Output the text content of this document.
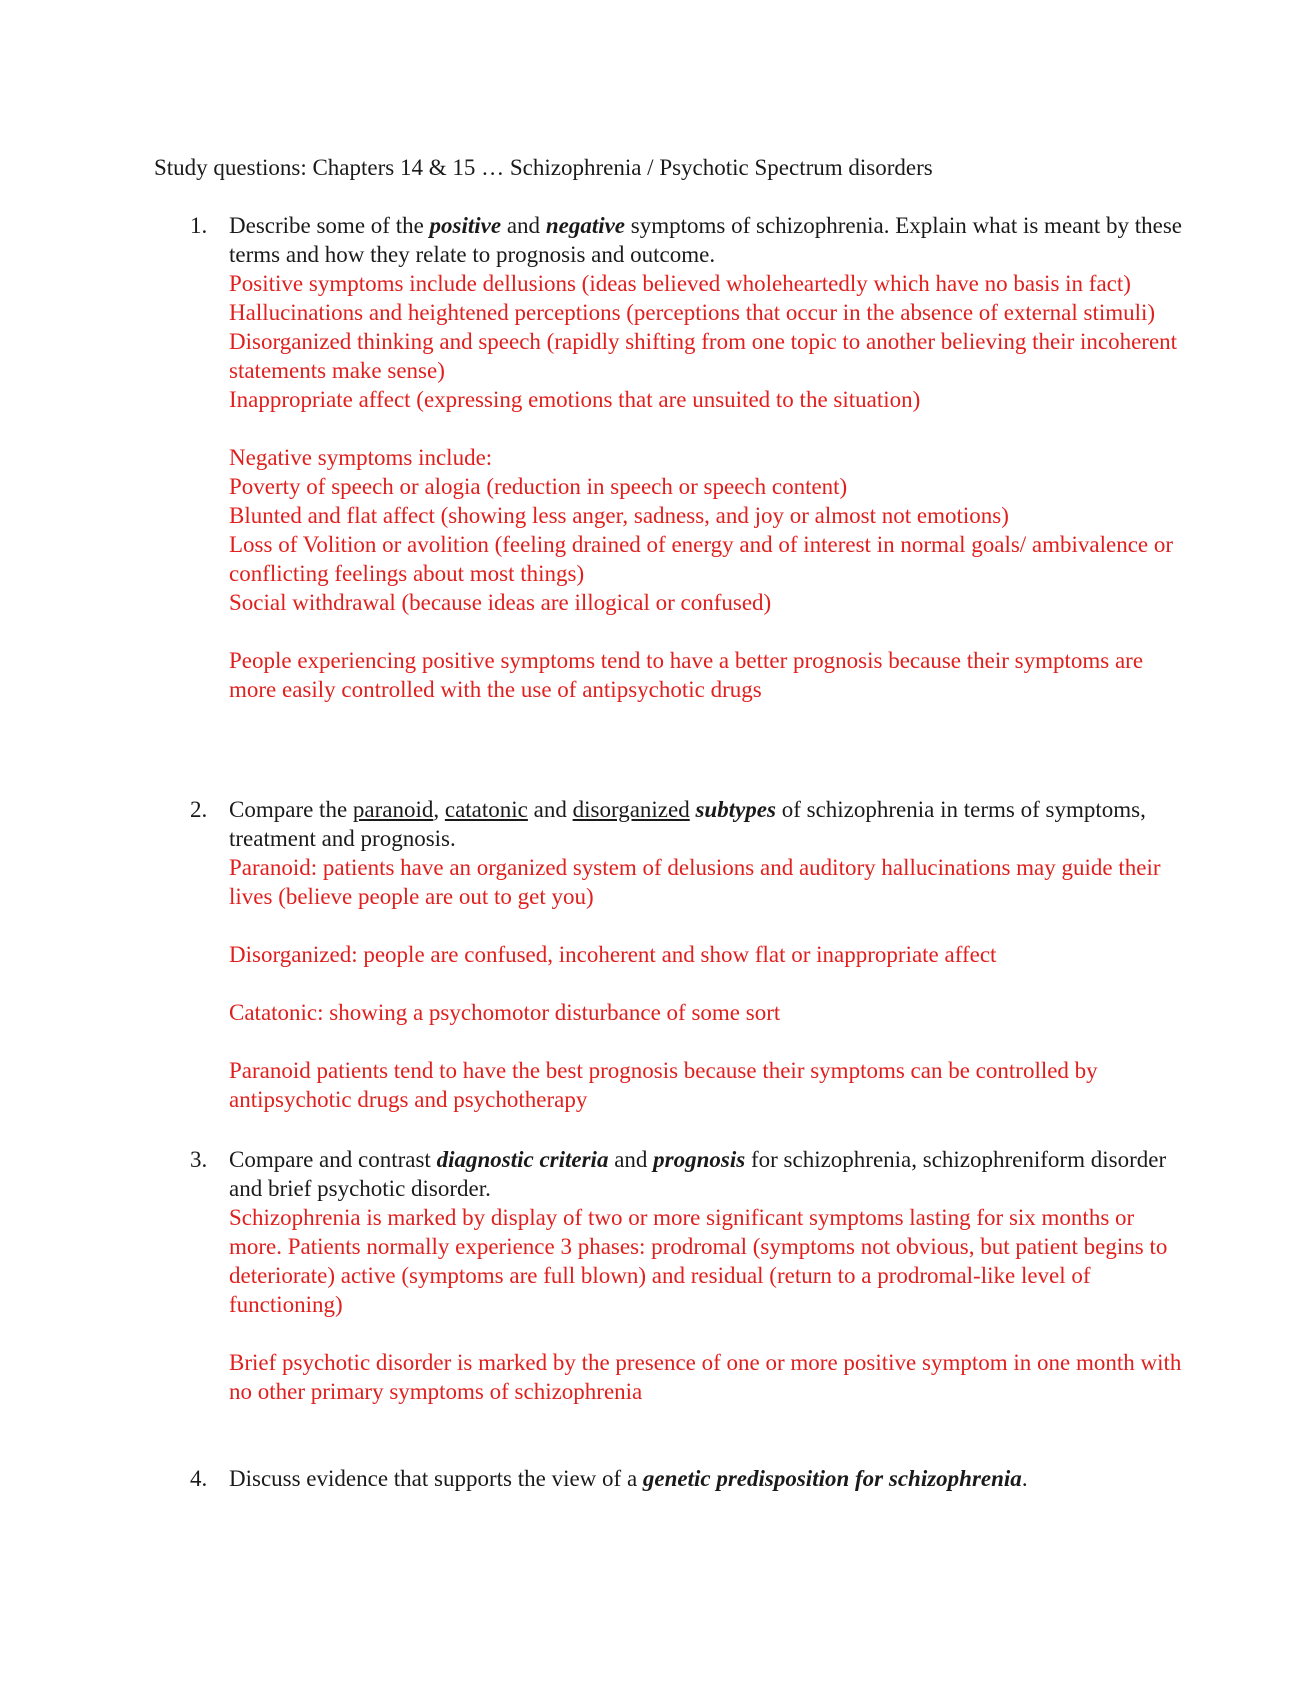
Study questions: Chapters 14 & 15 … Schizophrenia / Psychotic Spectrum disorders
1. Describe some of the positive and negative symptoms of schizophrenia. Explain what is meant by these terms and how they relate to prognosis and outcome.
Positive symptoms include dellusions (ideas believed wholeheartedly which have no basis in fact)
Hallucinations and heightened perceptions (perceptions that occur in the absence of external stimuli)
Disorganized thinking and speech (rapidly shifting from one topic to another believing their incoherent statements make sense)
Inappropriate affect (expressing emotions that are unsuited to the situation)
Negative symptoms include:
Poverty of speech or alogia (reduction in speech or speech content)
Blunted and flat affect (showing less anger, sadness, and joy or almost not emotions)
Loss of Volition or avolition (feeling drained of energy and of interest in normal goals/ ambivalence or conflicting feelings about most things)
Social withdrawal (because ideas are illogical or confused)
People experiencing positive symptoms tend to have a better prognosis because their symptoms are more easily controlled with the use of antipsychotic drugs
2. Compare the paranoid, catatonic and disorganized subtypes of schizophrenia in terms of symptoms, treatment and prognosis.
Paranoid: patients have an organized system of delusions and auditory hallucinations may guide their lives (believe people are out to get you)
Disorganized: people are confused, incoherent and show flat or inappropriate affect
Catatonic: showing a psychomotor disturbance of some sort
Paranoid patients tend to have the best prognosis because their symptoms can be controlled by antipsychotic drugs and psychotherapy
3. Compare and contrast diagnostic criteria and prognosis for schizophrenia, schizophreniform disorder and brief psychotic disorder.
Schizophrenia is marked by display of two or more significant symptoms lasting for six months or more. Patients normally experience 3 phases: prodromal (symptoms not obvious, but patient begins to deteriorate) active (symptoms are full blown) and residual (return to a prodromal-like level of functioning)
Brief psychotic disorder is marked by the presence of one or more positive symptom in one month with no other primary symptoms of schizophrenia
4. Discuss evidence that supports the view of a genetic predisposition for schizophrenia.
